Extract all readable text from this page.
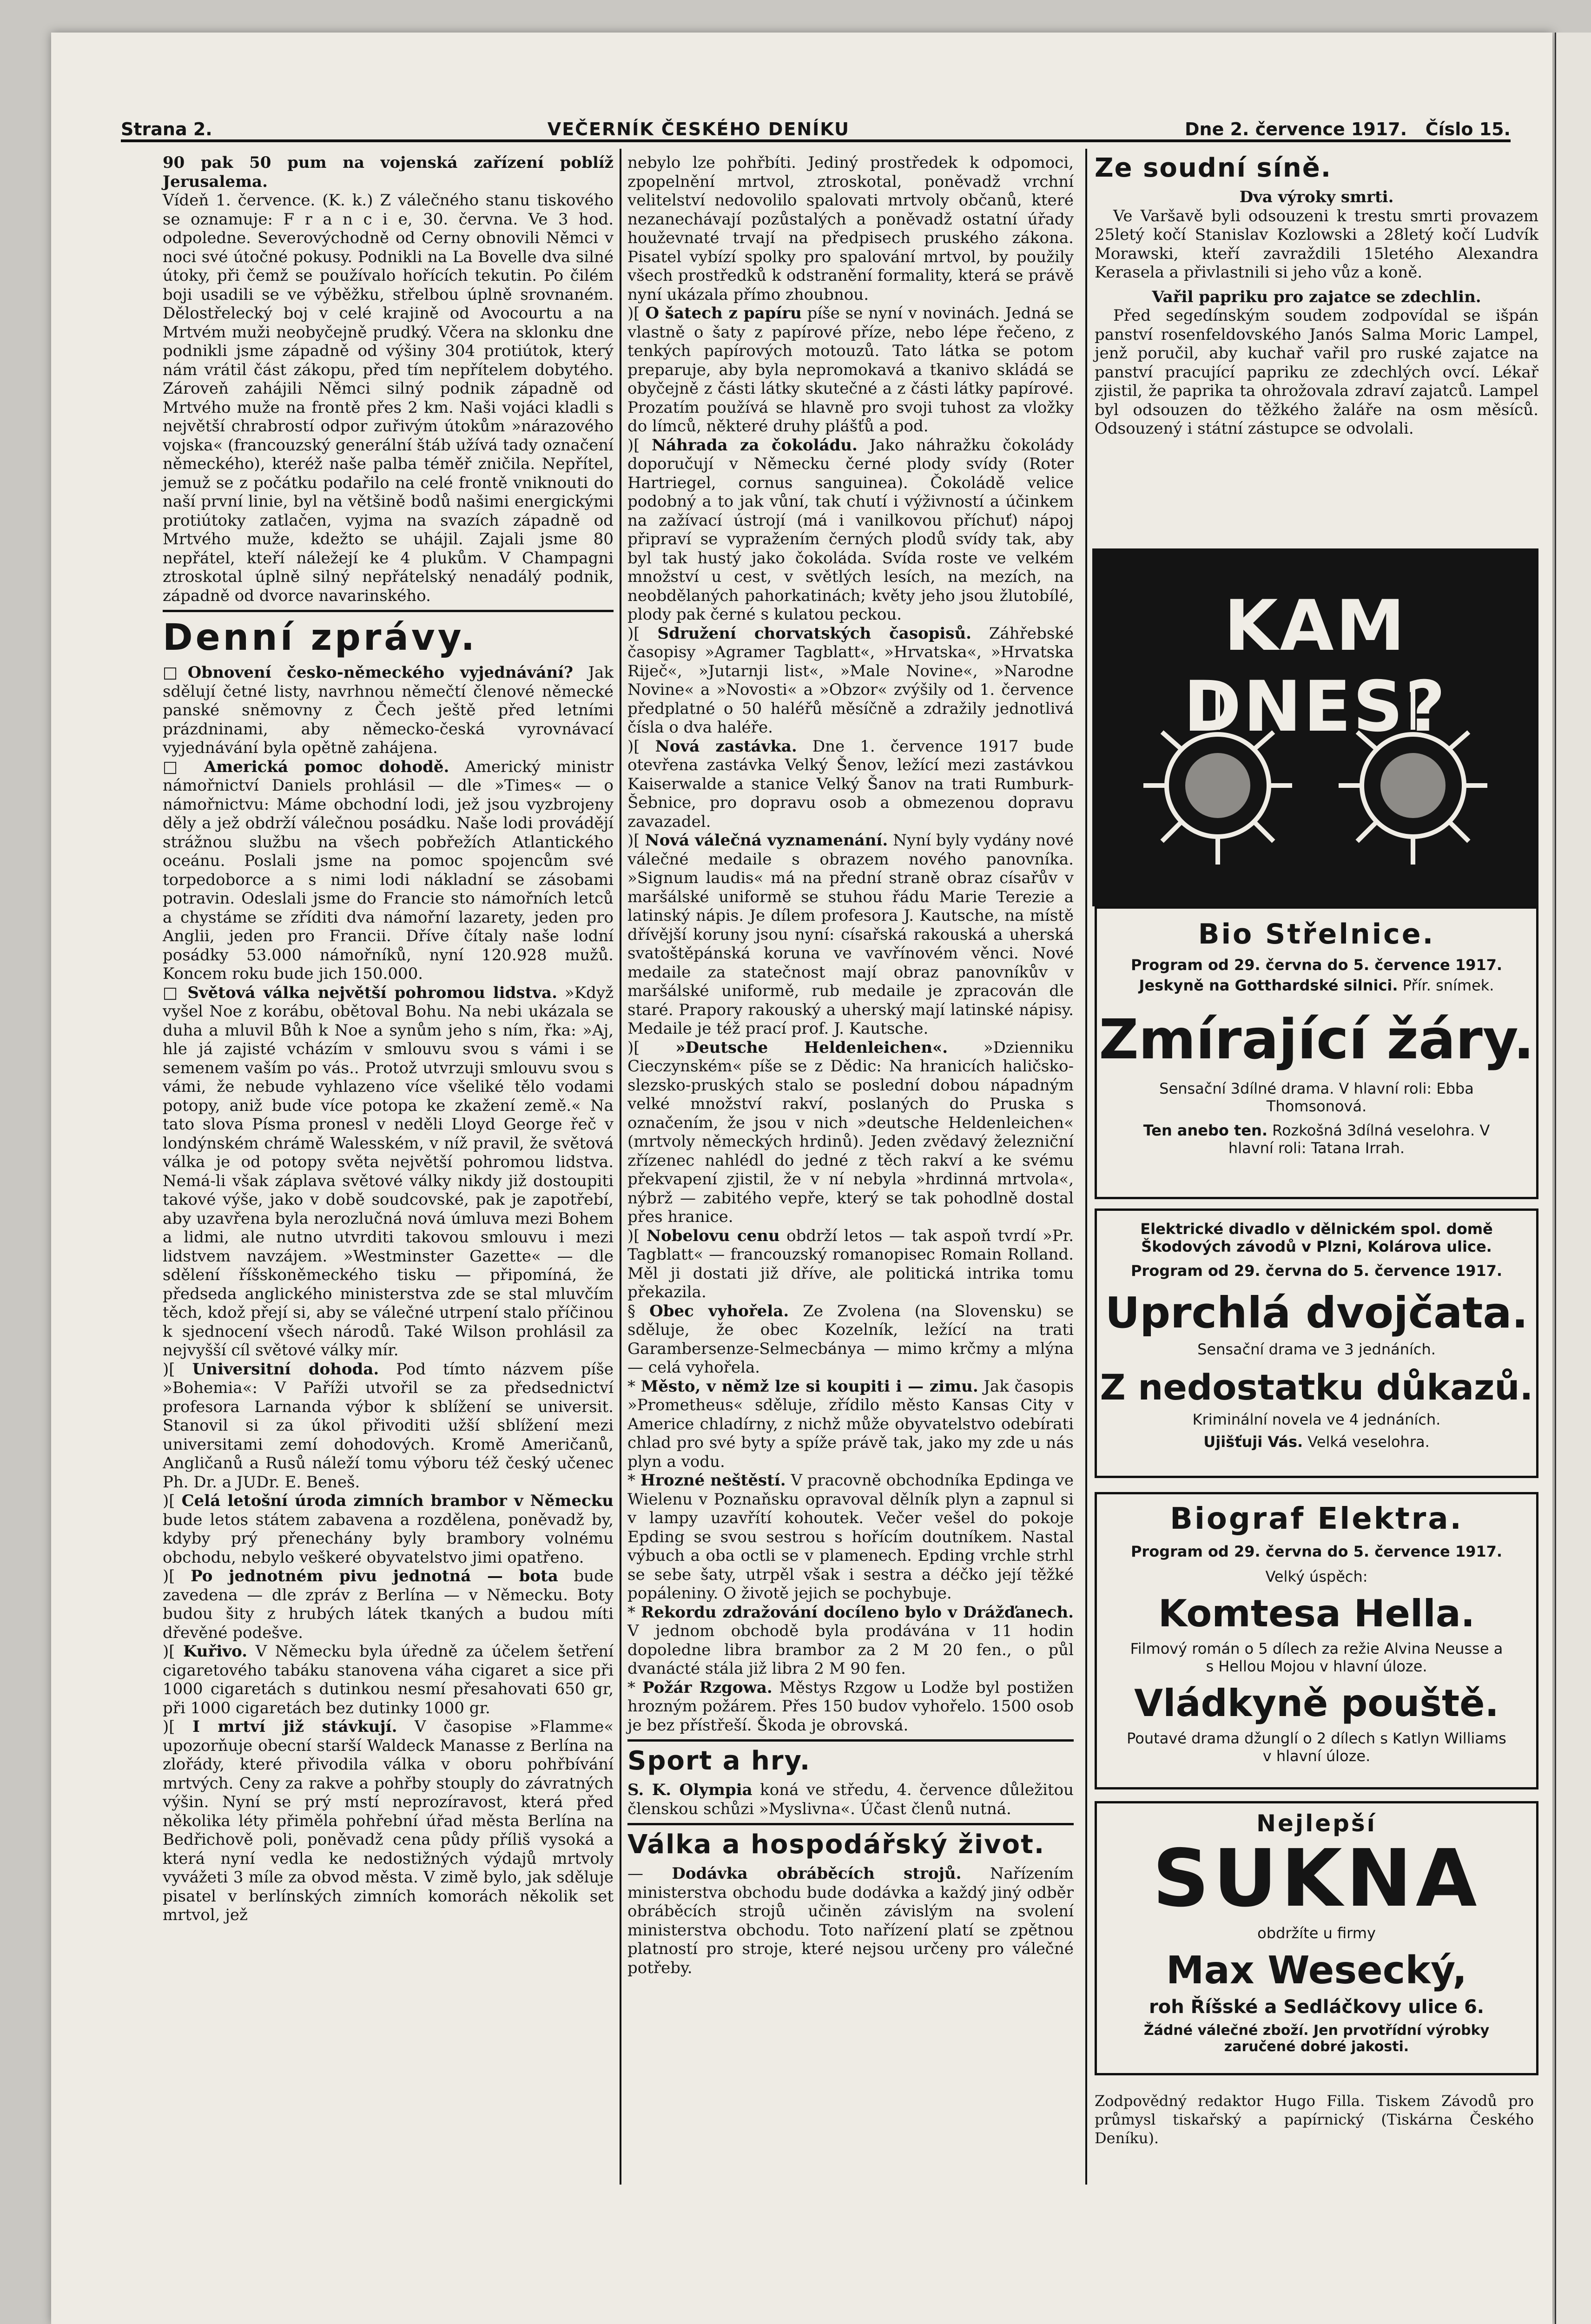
Strana 2.	VEČERNÍK ČESKÉHO DENÍKU	Dne 2. července 1917. Číslo 15.

90 pak 50 pum na vojenská zařízení poblíž Jerusalema.

Vídeň 1. července. (K. k.) Z válečného stanu tiskového se oznamuje: F r a n c i e, 30. června. Ve 3 hod. odpoledne. Severovýchodně od Cerny obnovili Němci v noci své útočné pokusy. Podnikli na La Bovelle dva silné útoky, při čemž se používalo hořících tekutin. Po čilém boji usadili se ve výběžku, střelbou úplně srovnaném. Dělostřelecký boj v celé krajině od Avocourtu a na Mrtvém muži neobyčejně prudký. Včera na sklonku dne podnikli jsme západně od výšiny 304 protiútok, který nám vrátil část zákopu, před tím nepřítelem dobytého. Zároveň zahájili Němci silný podnik západně od Mrtvého muže na frontě přes 2 km. Naši vojáci kladli s největší chrabrostí odpor zuřivým útokům »nárazového vojska« (francouzský generální štáb užívá tady označení německého), kteréž naše palba téměř zničila. Nepřítel, jemuž se z počátku podařilo na celé frontě vniknouti do naší první linie, byl na většině bodů našimi energickými protiútoky zatlačen, vyjma na svazích západně od Mrtvého muže, kdežto se uhájil. Zajali jsme 80 nepřátel, kteří náležejí ke 4 plukům. V Champagni ztroskotal úplně silný nepřátelský nenadálý podnik, západně od dvorce navarinského.

Denní zprávy.

□Obnovení česko-německého vyjednávání? Jak sdělují četné listy, navrhnou němečtí členové německé panské sněmovny z Čech ještě před letními prázdninami, aby německo-česká vyrovnávací vyjednávání byla opětně zahájena.

□ Americká pomoc dohodě. Americký ministr námořnictví Daniels prohlásil — dle »Times« — o námořnictvu: Máme obchodní lodi, jež jsou vyzbrojeny děly a jež obdrží válečnou posádku. Naše lodi provádějí strážnou službu na všech pobřežích Atlantického oceánu. Poslali jsme na pomoc spojencům své torpedoborce a s nimi lodi nákladní se zásobami potravin. Odeslali jsme do Francie sto námořních letců a chystáme se zříditi dva námořní lazarety, jeden pro Anglii, jeden pro Francii. Dříve čítaly naše lodní posádky 53.000 námořníků, nyní 120.928 mužů. Koncem roku bude jich 150.000.

□ Světová válka největší pohromou lidstva. »Když vyšel Noe z korábu, obětoval Bohu. Na nebi ukázala se duha a mluvil Bůh k Noe a synům jeho s ním, řka: »Aj, hle já zajisté vcházím v smlouvu svou s vámi i se semenem vaším po vás.. Protož utvrzuji smlouvu svou s vámi, že nebude vyhlazeno více všeliké tělo vodami potopy, aniž bude více potopa ke zkažení země.« Na tato slova Písma pronesl v neděli Lloyd George řeč v londýnském chrámě Walesském, v níž pravil, že světová válka je od potopy světa největší pohromou lidstva. Nemá-li však záplava světové války nikdy již dostoupiti takové výše, jako v době soudcovské, pak je zapotřebí, aby uzavřena byla nerozlučná nová úmluva mezi Bohem a lidmi, ale nutno utvrditi takovou smlouvu i mezi lidstvem navzájem. »Westminster Gazette« — dle sdělení říšskoněmeckého tisku — připomíná, že předseda anglického ministerstva zde se stal mluvčím těch, kdož přejí si, aby se válečné utrpení stalo příčinou k sjednocení všech národů. Také Wilson prohlásil za nejvyšší cíl světové války mír.

)[ Universitní dohoda. Pod tímto názvem píše »Bohemia«: V Paříži utvořil se za předsednictví profesora Larnanda výbor k sblížení se universit. Stanovil si za úkol přivoditi užší sblížení mezi universitami zemí dohodových. Kromě Američanů, Angličanů a Rusů náleží tomu výboru též český učenec Ph. Dr. a JUDr. E. Beneš.

)[ Celá letošní úroda zimních brambor v Německu bude letos státem zabavena a rozdělena, poněvadž by, kdyby prý přenechány byly brambory volnému obchodu, nebylo veškeré obyvatelstvo jimi opatřeno.

)[ Po jednotném pivu jednotná — bota bude zavedena — dle zpráv z Berlína — v Německu. Boty budou šity z hrubých látek tkaných a budou míti dřevěné podešve.

)[ Kuřivo. V Německu byla úředně za účelem šetření cigaretového tabáku stanovena váha cigaret a sice při 1000 cigaretách s dutinkou nesmí přesahovati 650 gr, při 1000 cigaretách bez dutinky 1000 gr.

)[ I mrtví již stávkují. V časopise »Flamme« upozorňuje obecní starší Waldeck Manasse z Berlína na zlořády, které přivodila válka v oboru pohřbívání mrtvých. Ceny za rakve a pohřby stouply do závratných výšin. Nyní se prý mstí neprozíravost, která před několika léty přiměla pohřební úřad města Berlína na Bedřichově poli, poněvadž cena půdy příliš vysoká a která nyní vedla ke nedostižných výdajů mrtvoly vyvážeti 3 míle za obvod města. V zimě bylo, jak sděluje pisatel v berlínských zimních komorách několik set mrtvol, jež

nebylo lze pohřbíti. Jediný prostředek k odpomoci, zpopelnění mrtvol, ztroskotal, poněvadž vrchní velitelství nedovolilo spalovati mrtvoly občanů, které nezanechávají pozůstalých a poněvadž ostatní úřady houževnaté trvají na předpisech pruského zákona. Pisatel vybízí spolky pro spalování mrtvol, by použily všech prostředků k odstranění formality, která se právě nyní ukázala přímo zhoubnou.

)[ O šatech z papíru píše se nyní v novinách. Jedná se vlastně o šaty z papírové příze, nebo lépe řečeno, z tenkých papírových motouzů. Tato látka se potom preparuje, aby byla nepromokavá a tkanivo skládá se obyčejně z části látky skutečné a z části látky papírové. Prozatím používá se hlavně pro svoji tuhost za vložky do límců, některé druhy plášťů a pod.

)[ Náhrada za čokoládu. Jako náhražku čokolády doporučují v Německu černé plody svídy (Roter Hartriegel, cornus sanguinea). Čokoládě velice podobný a to jak vůní, tak chutí i výživností a účinkem na zažívací ústrojí (má i vanilkovou příchuť) nápoj připraví se vypražením černých plodů svídy tak, aby byl tak hustý jako čokoláda. Svída roste ve velkém množství u cest, v světlých lesích, na mezích, na neobdělaných pahorkatinách; květy jeho jsou žlutobílé, plody pak černé s kulatou peckou.

)[ Sdružení chorvatských časopisů. Záhřebské časopisy »Agramer Tagblatt«, »Hrvatska«, »Hrvatska Riječ«, »Jutarnji list«, »Male Novine«, »Narodne Novine« a »Novosti« a »Obzor« zvýšily od 1. července předplatné o 50 haléřů měsíčně a zdražily jednotlivá čísla o dva haléře.

)[ Nová zastávka. Dne 1. července 1917 bude otevřena zastávka Velký Šenov, ležící mezi zastávkou Kaiserwalde a stanice Velký Šanov na trati Rumburk-Šebnice, pro dopravu osob a obmezenou dopravu zavazadel.

)[ Nová válečná vyznamenání. Nyní byly vydány nové válečné medaile s obrazem nového panovníka. »Signum laudis« má na přední straně obraz císařův v maršálské uniformě se stuhou řádu Marie Terezie a latinský nápis. Je dílem profesora J. Kautsche, na místě dřívější koruny jsou nyní: císařská rakouská a uherská svatoštěpánská koruna ve vavřínovém věnci. Nové medaile za statečnost mají obraz panovníkův v maršálské uniformě, rub medaile je zpracován dle staré. Prapory rakouský a uherský mají latinské nápisy. Medaile je též prací prof. J. Kautsche.

)[ »Deutsche Heldenleichen«. »Dzienniku Cieczynském« píše se z Dědic: Na hranicích haličsko-slezsko-pruských stalo se poslední dobou nápadným velké množství rakví, poslaných do Pruska s označením, že jsou v nich »deutsche Heldenleichen« (mrtvoly německých hrdinů). Jeden zvědavý železniční zřízenec nahlédl do jedné z těch rakví a ke svému překvapení zjistil, že v ní nebyla »hrdinná mrtvola«, nýbrž — zabitého vepře, který se tak pohodlně dostal přes hranice.

)[ Nobelovu cenu obdrží letos — tak aspoň tvrdí »Pr. Tagblatt« — francouzský romanopisec Romain Rolland. Měl ji dostati již dříve, ale politická intrika tomu překazila.

§ Obec vyhořela. Ze Zvolena (na Slovensku) se sděluje, že obec Kozelník, ležící na trati Garambersenze-Selmecbánya — mimo krčmy a mlýna — celá vyhořela.

* Město, v němž lze si koupiti i — zimu. Jak časopis »Prometheus« sděluje, zřídilo město Kansas City v Americe chladírny, z nichž může obyvatelstvo odebírati chlad pro své byty a spíže právě tak, jako my zde u nás plyn a vodu.

* Hrozné neštěstí. V pracovně obchodníka Epdinga ve Wielenu v Poznaňsku opravoval dělník plyn a zapnul si v lampy uzavřítí kohoutek. Večer vešel do pokoje Epding se svou sestrou s hořícím doutníkem. Nastal výbuch a oba octli se v plamenech. Epding vrchle strhl se sebe šaty, utrpěl však i sestra a déčko její těžké popáleniny. O životě jejich se pochybuje.

* Rekordu zdražování docíleno bylo v Drážďanech. V jednom obchodě byla prodávána v 11 hodin dopoledne libra brambor za 2 M 20 fen., o půl dvanácté stála již libra 2 M 90 fen.

* Požár Rzgowa. Městys Rzgow u Lodže byl postižen hrozným požárem. Přes 150 budov vyhořelo. 1500 osob je bez přístřeší. Škoda je obrovská.

Sport a hry.

S. K. Olympia koná ve středu, 4. července důležitou členskou schůzi »Myslivna«. Účast členů nutná.

Válka a hospodářský život.

— Dodávka obráběcích strojů. Nařízením ministerstva obchodu bude dodávka a každý jiný odběr obráběcích strojů učiněn závislým na svolení ministerstva obchodu. Toto nařízení platí se zpětnou platností pro stroje, které nejsou určeny pro válečné potřeby.

Ze soudní síně.

Dva výroky smrti.

Ve Varšavě byli odsouzeni k trestu smrti provazem 25letý kočí Stanislav Kozlowski a 28letý kočí Ludvík Morawski, kteří zavraždili 15letého Alexandra Kerasela a přivlastnili si jeho vůz a koně.

Vařil papriku pro zajatce se zdechlin.

Před segedínským soudem zodpovídal se išpán panství rosenfeldovského Janós Salma Moric Lampel, jenž poručil, aby kuchař vařil pro ruské zajatce na panství pracující papriku ze zdechlých ovcí. Lékař zjistil, že paprika ta ohrožovala zdraví zajatců. Lampel byl odsouzen do těžkého žaláře na osm měsíců. Odsouzený i státní zástupce se odvolali.

KAM DNES?
Bio Střelnice.
Program od 29. června do 5. července 1917.
Jeskyně na Gotthardské silnici. Přír. snímek.
Zmírající žáry.
Sensační 3dílné drama. V hlavní roli: Ebba Thomsonová.
Ten anebo ten. Rozkošná 3dílná veselohra. V hlavní roli: Tatana Irrah.
Elektrické divadlo v dělnickém spol. domě Škodových závodů v Plzni, Kolárova ulice.
Program od 29. června do 5. července 1917.
Uprchlá dvojčata.
Sensační drama ve 3 jednáních.
Z nedostatku důkazů.
Kriminální novela ve 4 jednáních.
Ujišťuji Vás. Velká veselohra.
Biograf Elektra.
Program od 29. června do 5. července 1917.
Velký úspěch:
Komtesa Hella.
Filmový román o 5 dílech za režie Alvina Neusse a s Hellou Mojou v hlavní úloze.
Vládkyně pouště.
Poutavé drama džunglí o 2 dílech s Katlyn Williams v hlavní úloze.
Nejlepší
SUKNA
obdržíte u firmy
Max Wesecký,
roh Říšské a Sedláčkovy ulice 6.
Žádné válečné zboží. Jen prvotřídní výrobky zaručené dobré jakosti.

Zodpovědný redaktor Hugo Filla. Tiskem Závodů pro průmysl tiskařský a papírnický (Tiskárna Českého Deníku).
